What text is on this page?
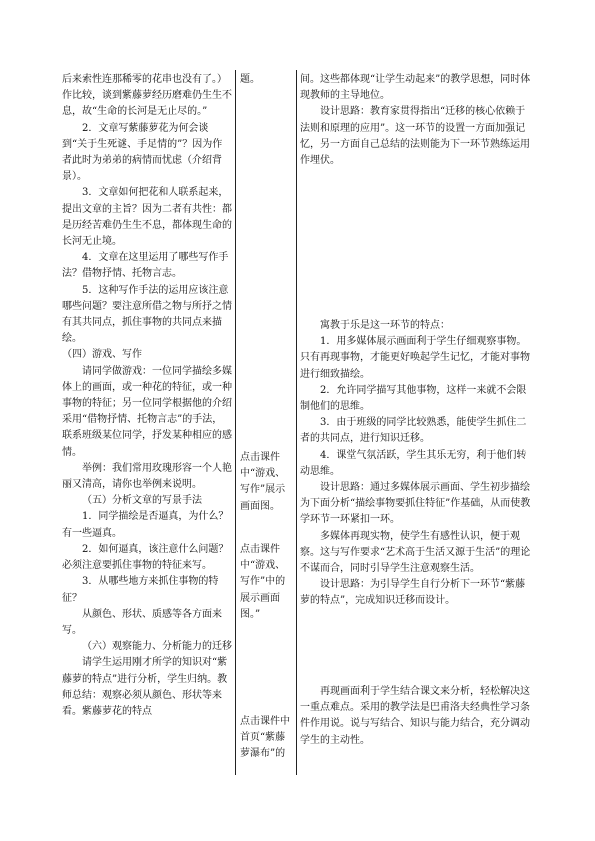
后来索性连那稀零的花串也没有了。）作比较，谈到紫藤萝经历磨难仍生生不息，故“生命的长河是无止尽的。”

2．文章写紫藤萝花为何会谈到“关于生死谜、手足情的”？因为作者此时为弟弟的病情而忧虑（介绍背景）。

3．文章如何把花和人联系起来，提出文章的主旨？因为二者有共性：都是历经苦难仍生生不息，都体现生命的长河无止境。

4．文章在这里运用了哪些写作手法？借物抒情、托物言志。

5．这种写作手法的运用应该注意哪些问题？要注意所借之物与所抒之情有其共同点，抓住事物的共同点来描绘。

（四）游戏、写作

请同学做游戏：一位同学描绘多媒体上的画面，或一种花的特征，或一种事物的特征；另一位同学根据他的介绍采用“借物抒情、托物言志”的手法，联系班级某位同学，抒发某种相应的感情。

举例：我们常用玫瑰形容一个人艳丽又清高，请你也举例来说明。

（五）分析文章的写景手法

1．同学描绘是否逼真，为什么？有一些逼真。

2．如何逼真，该注意什么问题？必须注意要抓住事物的特征来写。

3．从哪些地方来抓住事物的特征？

从颜色、形状、质感等各方面来写。

（六）观察能力、分析能力的迁移

请学生运用刚才所学的知识对“紫藤萝的特点”进行分析，学生归纳。教师总结：观察必须从颜色、形状等来看。紫藤萝花的特点

题。

点击课件中“游戏、写作”展示画面图。

点击课件中“游戏、写作”中的展示画面图。”

点击课件中首页“紫藤萝瀑布”的

间。这些都体现“让学生动起来”的教学思想，同时体现教师的主导地位。

设计思路：教育家贯得指出“迁移的核心依赖于法则和原理的应用”。这一环节的设置一方面加强记忆，另一方面自己总结的法则能为下一环节熟练运用作埋伏。

寓教于乐是这一环节的特点：

1．用多媒体展示画面利于学生仔细观察事物。只有再现事物，才能更好唤起学生记忆，才能对事物进行细致描绘。

2．允许同学描写其他事物，这样一来就不会限制他们的思维。

3．由于班级的同学比较熟悉，能使学生抓住二者的共同点，进行知识迁移。

4．课堂气氛活跃，学生其乐无穷，利于他们转动思维。

设计思路：通过多媒体展示画面、学生初步描绘为下面分析“描绘事物要抓住特征”作基础，从而使教学环节一环紧扣一环。

多媒体再现实物，使学生有感性认识，便于观察。这与写作要求“艺术高于生活又源于生活”的理论不谋而合，同时引导学生注意观察生活。

设计思路：为引导学生自行分析下一环节“紫藤萝的特点”，完成知识迁移而设计。

再现画面利于学生结合课文来分析，轻松解决这一重点难点。采用的教学法是巴甫洛夫经典性学习条件作用说。说与写结合、知识与能力结合，充分调动学生的主动性。
